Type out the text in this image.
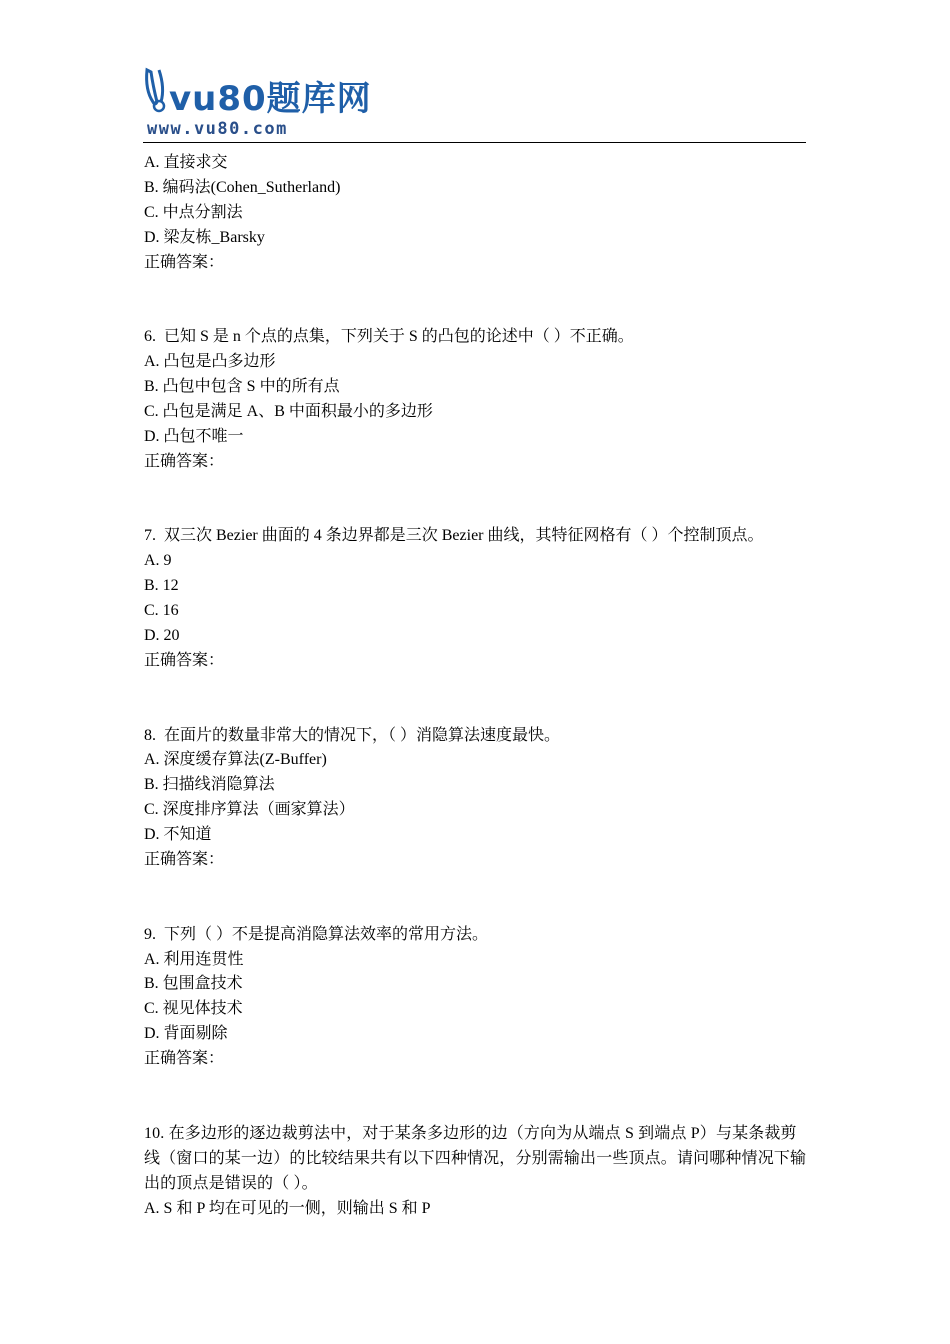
vu80题库网
www.vu80.com
A. 直接求交
B. 编码法(Cohen_Sutherland)
C. 中点分割法
D. 梁友栋_Barsky
正确答案：
6.  已知 S 是 n 个点的点集，下列关于 S 的凸包的论述中（ ）不正确。
A. 凸包是凸多边形
B. 凸包中包含 S 中的所有点
C. 凸包是满足 A、B 中面积最小的多边形
D. 凸包不唯一
正确答案：
7.  双三次 Bezier 曲面的 4 条边界都是三次 Bezier 曲线，其特征网格有（ ）个控制顶点。
A. 9
B. 12
C. 16
D. 20
正确答案：
8.  在面片的数量非常大的情况下，（ ）消隐算法速度最快。
A. 深度缓存算法(Z-Buffer)
B. 扫描线消隐算法
C. 深度排序算法（画家算法）
D. 不知道
正确答案：
9.  下列（ ）不是提高消隐算法效率的常用方法。
A. 利用连贯性
B. 包围盒技术
C. 视见体技术
D. 背面剔除
正确答案：
10. 在多边形的逐边裁剪法中，对于某条多边形的边（方向为从端点 S 到端点 P）与某条裁剪线（窗口的某一边）的比较结果共有以下四种情况，分别需输出一些顶点。请问哪种情况下输出的顶点是错误的（ ）。
A. S 和 P 均在可见的一侧，则输出 S 和 P
